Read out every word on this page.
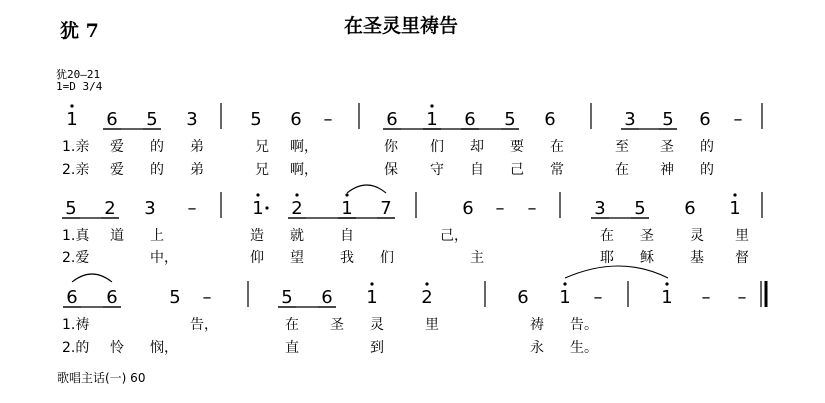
犹 7	在圣灵里祷告
犹20—21
1=D 3/4
1 6 5 3	5 6 –	6 1 6 5 6	3 5 6 –
1.亲 爱 的 弟	兄 啊，	你 们 却 要 在	至 圣 的
2.亲 爱 的 弟	兄 啊，	保 守 自 己 常	在 神 的
5 2 3 –	1 2 1 7	6 – –	3 5 6 1
1.真 道 上	造 就	自	己，	在 圣	灵 里
2.爱	中，	仰 望	我 们	主	耶 稣	基 督
6 6	5 –	5 6 1 2	6 1 –	1 – –
1.祷	告，	在 圣 灵	里	祷 告。
2.的 怜 悯，	直	到	永 生。
歌唱主话(一) 60
